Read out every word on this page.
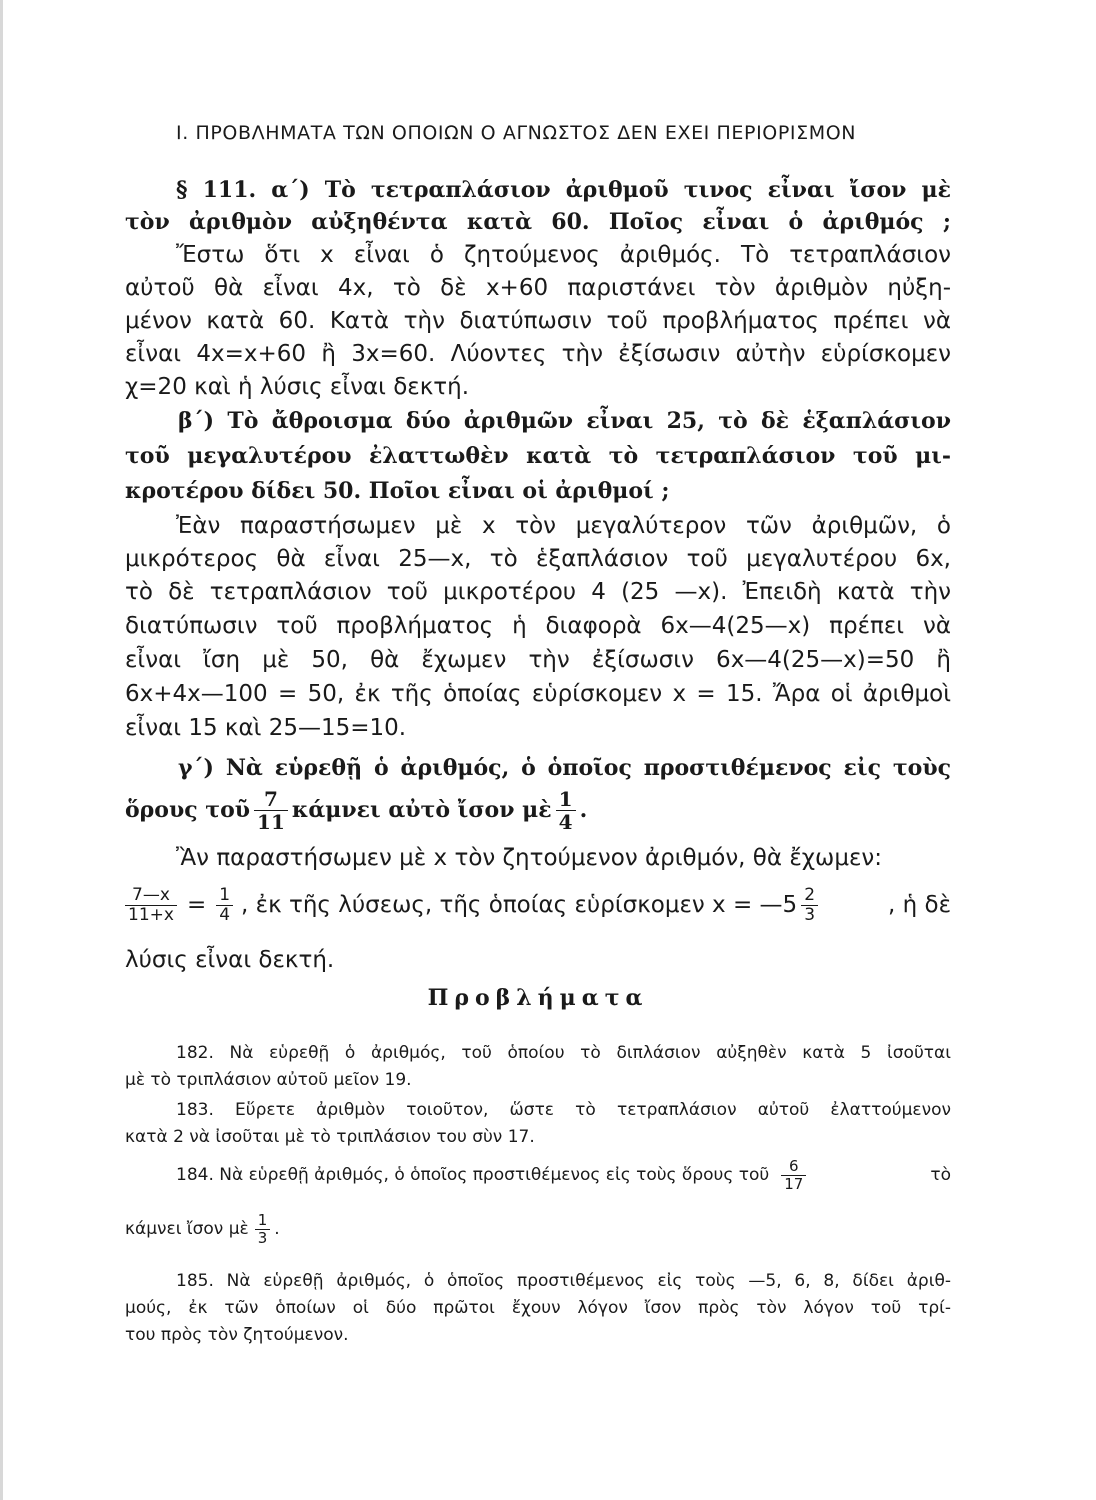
Ι. ΠΡΟΒΛΗΜΑΤΑ ΤΩΝ ΟΠΟΙΩΝ Ο ΑΓΝΩΣΤΟΣ ΔΕΝ ΕΧΕΙ ΠΕΡΙΟΡΙΣΜΟΝ
§ 111. α΄) Τὸ τετραπλάσιον ἀριθμοῦ τινος εἶναι ἴσον μὲ
τὸν ἀριθμὸν αὐξηθέντα κατὰ 60. Ποῖος εἶναι ὁ ἀριθμός ;
Ἔστω ὅτι x εἶναι ὁ ζητούμενος ἀριθμός. Τὸ τετραπλάσιον
αὐτοῦ θὰ εἶναι 4x, τὸ δὲ x+60 παριστάνει τὸν ἀριθμὸν ηὐξη-
μένον κατὰ 60. Κατὰ τὴν διατύπωσιν τοῦ προβλήματος πρέπει νὰ
εἶναι 4x=x+60 ἢ 3x=60. Λύοντες τὴν ἐξίσωσιν αὐτὴν εὑρίσκομεν
χ=20 καὶ ἡ λύσις εἶναι δεκτή.
β΄) Τὸ ἄθροισμα δύο ἀριθμῶν εἶναι 25, τὸ δὲ ἑξαπλάσιον
τοῦ μεγαλυτέρου ἐλαττωθὲν κατὰ τὸ τετραπλάσιον τοῦ μι-
κροτέρου δίδει 50. Ποῖοι εἶναι οἱ ἀριθμοί ;
Ἐὰν παραστήσωμεν μὲ x τὸν μεγαλύτερον τῶν ἀριθμῶν, ὁ
μικρότερος θὰ εἶναι 25—x, τὸ ἑξαπλάσιον τοῦ μεγαλυτέρου 6x,
τὸ δὲ τετραπλάσιον τοῦ μικροτέρου 4 (25 —x). Ἐπειδὴ κατὰ τὴν
διατύπωσιν τοῦ προβλήματος ἡ διαφορὰ 6x—4(25—x) πρέπει νὰ
εἶναι ἴση μὲ 50, θὰ ἔχωμεν τὴν ἐξίσωσιν 6x—4(25—x)=50 ἢ
6x+4x—100 = 50, ἐκ τῆς ὁποίας εὑρίσκομεν x = 15. Ἄρα οἱ ἀριθμοὶ
εἶναι 15 καὶ 25—15=10.
γ΄) Νὰ εὑρεθῇ ὁ ἀριθμός, ὁ ὁποῖος προστιθέμενος εἰς τοὺς
ὅρους τοῦ $\frac{7}{11}$ κάμνει αὐτὸ ἴσον μὲ $\frac{1}{4}$ .
Ἂν παραστήσωμεν μὲ x τὸν ζητούμενον ἀριθμόν, θὰ ἔχωμεν:
$\frac{7—x}{11+x} = \frac{1}{4}$ , ἐκ τῆς λύσεως, τῆς ὁποίας εὑρίσκομεν x = —5 $\frac{2}{3}$	, ἡ δὲ
λύσις εἶναι δεκτή.
Προβλήματα
182. Νὰ εὑρεθῇ ὁ ἀριθμός, τοῦ ὁποίου τὸ διπλάσιον αὐξηθὲν κατὰ 5 ἰσοῦται
μὲ τὸ τριπλάσιον αὐτοῦ μεῖον 19.
183. Εὕρετε ἀριθμὸν τοιοῦτον, ὥστε τὸ τετραπλάσιον αὐτοῦ ἐλαττούμενον
κατὰ 2 νὰ ἰσοῦται μὲ τὸ τριπλάσιον του σὺν 17.
184. Νὰ εὑρεθῇ ἀριθμός, ὁ ὁποῖος προστιθέμενος εἰς τοὺς ὅρους τοῦ $\frac{6}{17}$	τὸ
κάμνει ἴσον μὲ $\frac{1}{3}$ .
185. Νὰ εὑρεθῇ ἀριθμός, ὁ ὁποῖος προστιθέμενος εἰς τοὺς —5, 6, 8, δίδει ἀριθ-
μούς, ἐκ τῶν ὁποίων οἱ δύο πρῶτοι ἔχουν λόγον ἴσον πρὸς τὸν λόγον τοῦ τρί-
του πρὸς τὸν ζητούμενον.
